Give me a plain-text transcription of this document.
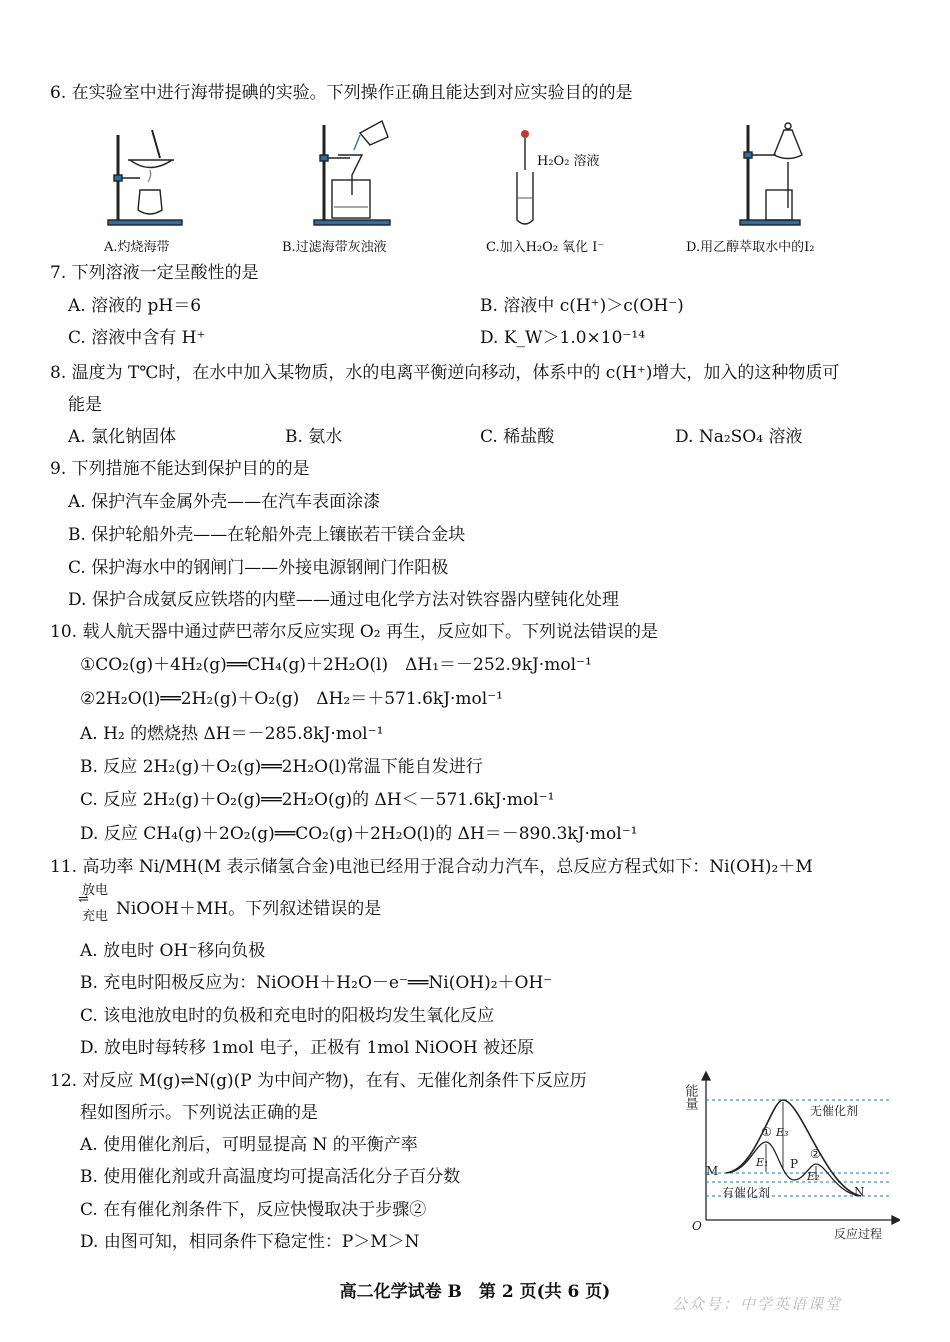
6. 在实验室中进行海带提碘的实验。下列操作正确且能达到对应实验目的的是
A.灼烧海带	B.过滤海带灰浊液
H₂O₂ 溶液
C.加入H₂O₂ 氧化 I⁻	D.用乙醇萃取水中的I₂
7. 下列溶液一定呈酸性的是
A. 溶液的 pH＝6	B. 溶液中 c(H⁺)＞c(OH⁻)
C. 溶液中含有 H⁺	D. K_W＞1.0×10⁻¹⁴
8. 温度为 T℃时，在水中加入某物质，水的电离平衡逆向移动，体系中的 c(H⁺)增大，加入的这种物质可
能是
A. 氯化钠固体	B. 氨水	C. 稀盐酸	D. Na₂SO₄ 溶液
9. 下列措施不能达到保护目的的是
A. 保护汽车金属外壳——在汽车表面涂漆
B. 保护轮船外壳——在轮船外壳上镶嵌若干镁合金块
C. 保护海水中的钢闸门——外接电源钢闸门作阳极
D. 保护合成氨反应铁塔的内壁——通过电化学方法对铁容器内壁钝化处理
10. 载人航天器中通过萨巴蒂尔反应实现 O₂ 再生，反应如下。下列说法错误的是
①CO₂(g)＋4H₂(g)══CH₄(g)＋2H₂O(l)　ΔH₁＝－252.9kJ·mol⁻¹
②2H₂O(l)══2H₂(g)＋O₂(g)　ΔH₂＝＋571.6kJ·mol⁻¹
A. H₂ 的燃烧热 ΔH＝－285.8kJ·mol⁻¹
B. 反应 2H₂(g)＋O₂(g)══2H₂O(l)常温下能自发进行
C. 反应 2H₂(g)＋O₂(g)══2H₂O(g)的 ΔH＜－571.6kJ·mol⁻¹
D. 反应 CH₄(g)＋2O₂(g)══CO₂(g)＋2H₂O(l)的 ΔH＝－890.3kJ·mol⁻¹
11. 高功率 Ni/MH(M 表示储氢合金)电池已经用于混合动力汽车，总反应方程式如下：Ni(OH)₂＋M
放电
⇌
充电 NiOOH＋MH。下列叙述错误的是
A. 放电时 OH⁻移向负极
B. 充电时阳极反应为：NiOOH＋H₂O－e⁻══Ni(OH)₂＋OH⁻
C. 该电池放电时的负极和充电时的阳极均发生氧化反应
D. 放电时每转移 1mol 电子，正极有 1mol NiOOH 被还原
12. 对反应 M(g)⇌N(g)(P 为中间产物)，在有、无催化剂条件下反应历
程如图所示。下列说法正确的是
A. 使用催化剂后，可明显提高 N 的平衡产率
B. 使用催化剂或升高温度均可提高活化分子百分数
C. 在有催化剂条件下，反应快慢取决于步骤②
D. 由图可知，相同条件下稳定性：P＞M＞N
能量
反应过程
O
无催化剂
有催化剂
M
N
P
①
②
E₁
E₂
E₃
高二化学试卷 B　第 2 页(共 6 页)
公众号：中学英语课堂
